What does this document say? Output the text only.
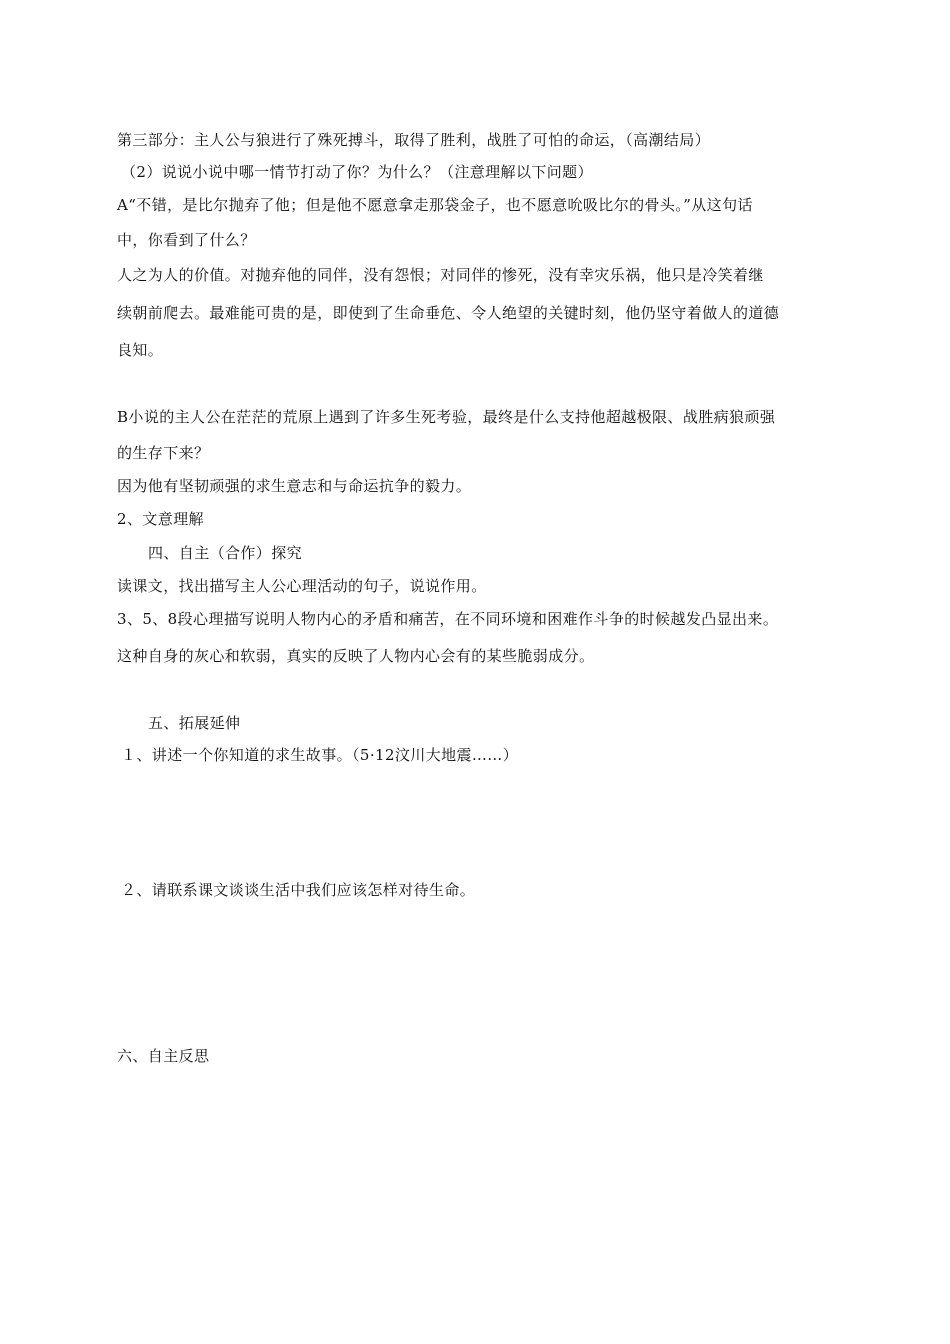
第三部分：主人公与狼进行了殊死搏斗，取得了胜利，战胜了可怕的命运，（高潮结局）
（2）说说小说中哪一情节打动了你？为什么？（注意理解以下问题）
A“不错，是比尔抛弃了他；但是他不愿意拿走那袋金子，也不愿意吮吸比尔的骨头。”从这句话
中，你看到了什么？
人之为人的价值。对抛弃他的同伴，没有怨恨；对同伴的惨死，没有幸灾乐祸，他只是冷笑着继
续朝前爬去。最难能可贵的是，即使到了生命垂危、令人绝望的关键时刻，他仍坚守着做人的道德
良知。
B小说的主人公在茫茫的荒原上遇到了许多生死考验，最终是什么支持他超越极限、战胜病狼顽强
的生存下来？
因为他有坚韧顽强的求生意志和与命运抗争的毅力。
2、文意理解
四、自主（合作）探究
读课文，找出描写主人公心理活动的句子，说说作用。
3、5、8段心理描写说明人物内心的矛盾和痛苦，在不同环境和困难作斗争的时候越发凸显出来。
这种自身的灰心和软弱，真实的反映了人物内心会有的某些脆弱成分。
五、拓展延伸
１、讲述一个你知道的求生故事。（5·12汶川大地震……）
２、请联系课文谈谈生活中我们应该怎样对待生命。
六、自主反思
